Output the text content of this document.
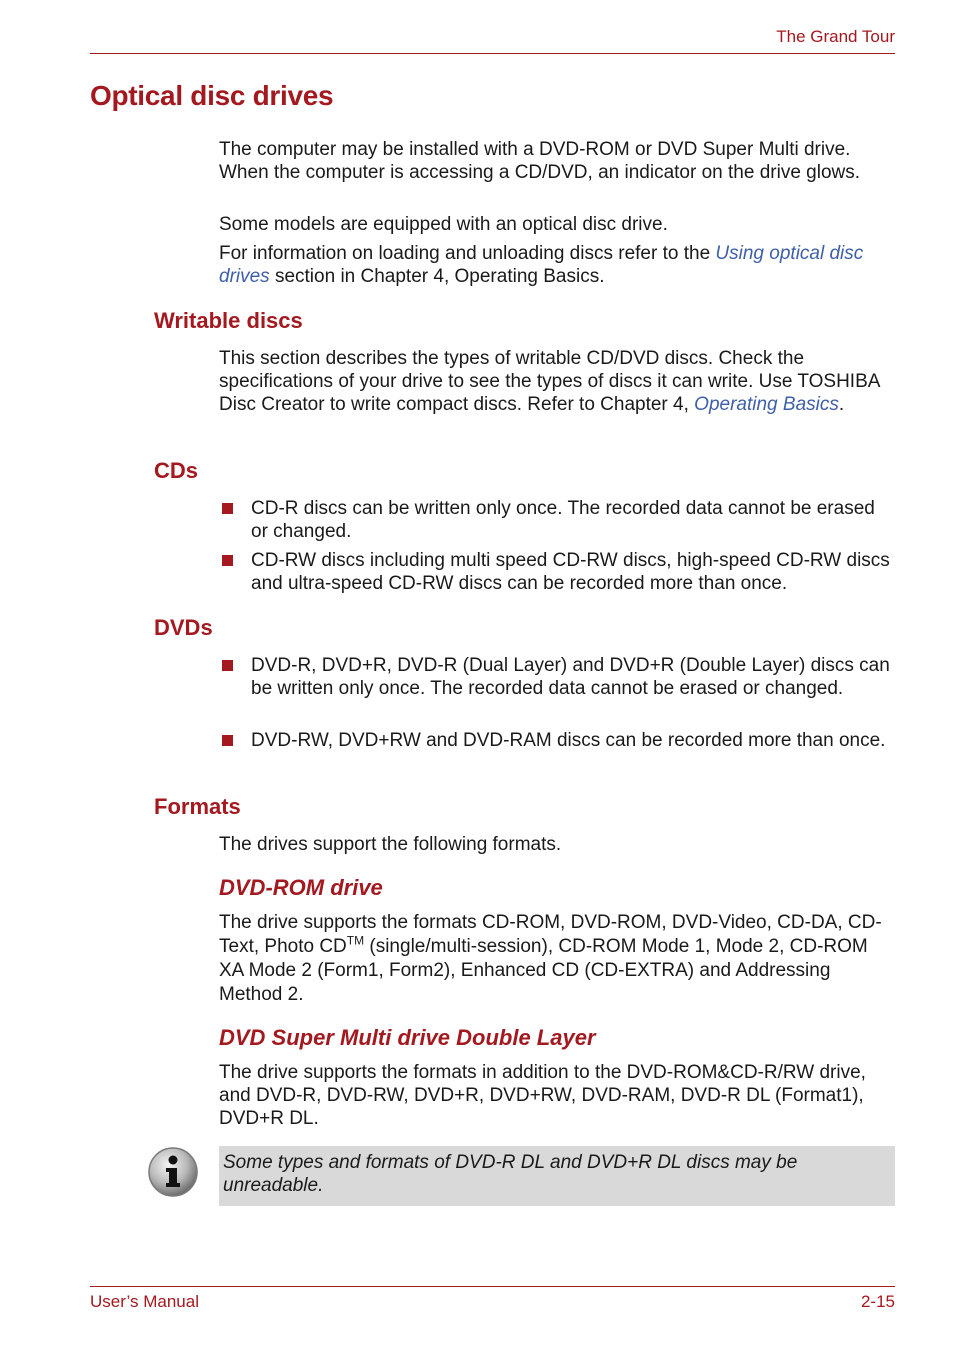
The Grand Tour
Optical disc drives

The computer may be installed with a DVD-ROM or DVD Super Multi drive. When the computer is accessing a CD/DVD, an indicator on the drive glows.

Some models are equipped with an optical disc drive.

For information on loading and unloading discs refer to the Using optical disc drives section in Chapter 4, Operating Basics.

Writable discs

This section describes the types of writable CD/DVD discs. Check the specifications of your drive to see the types of discs it can write. Use TOSHIBA Disc Creator to write compact discs. Refer to Chapter 4, Operating Basics.

CDs
CD-R discs can be written only once. The recorded data cannot be erased or changed.
CD-RW discs including multi speed CD-RW discs, high-speed CD-RW discs and ultra-speed CD-RW discs can be recorded more than once.
DVDs
DVD-R, DVD+R, DVD-R (Dual Layer) and DVD+R (Double Layer) discs can be written only once. The recorded data cannot be erased or changed.
DVD-RW, DVD+RW and DVD-RAM discs can be recorded more than once.
Formats

The drives support the following formats.

DVD-ROM drive

The drive supports the formats CD-ROM, DVD-ROM, DVD-Video, CD-DA, CD-Text, Photo CD™ (single/multi-session), CD-ROM Mode 1, Mode 2, CD-ROM XA Mode 2 (Form1, Form2), Enhanced CD (CD-EXTRA) and Addressing Method 2.

DVD Super Multi drive Double Layer

The drive supports the formats in addition to the DVD-ROM&CD-R/RW drive, and DVD-R, DVD-RW, DVD+R, DVD+RW, DVD-RAM, DVD-R DL (Format1), DVD+R DL.

Some types and formats of DVD-R DL and DVD+R DL discs may be unreadable.
User’s Manual	2-15
